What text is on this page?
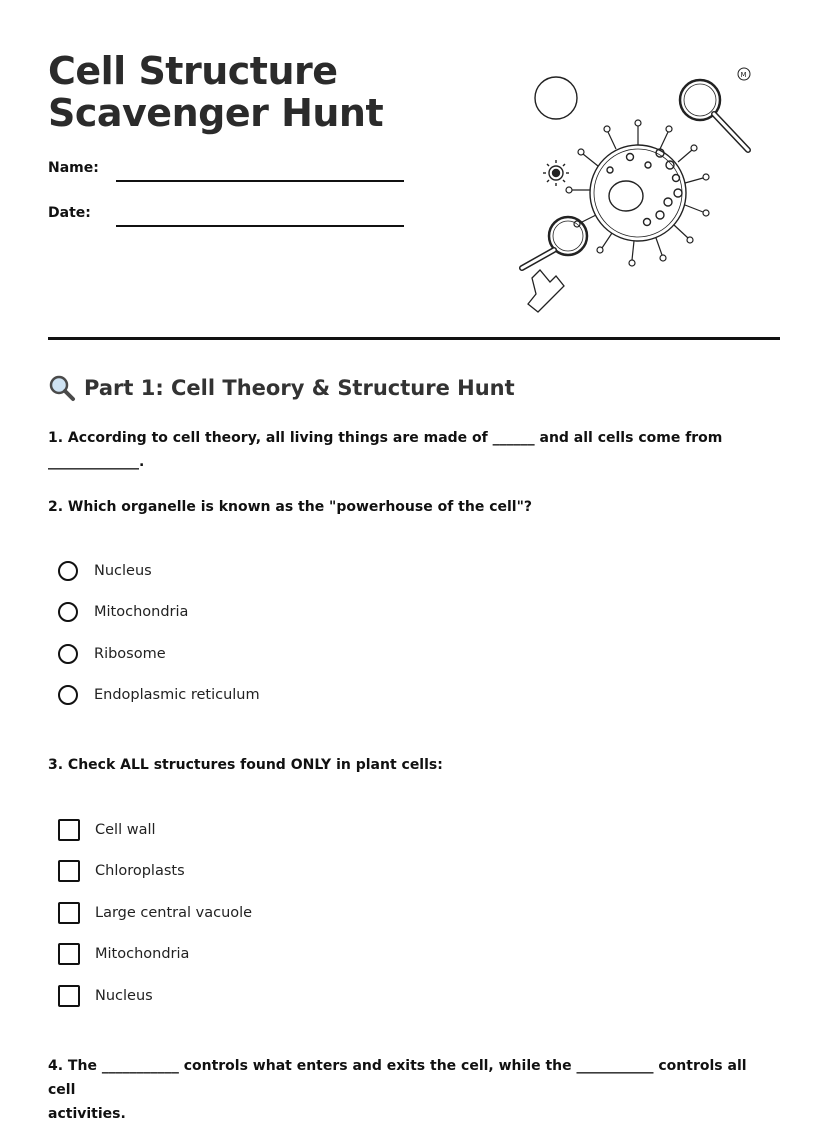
Cell Structure Scavenger Hunt
Name:
Date:
M
Part 1: Cell Theory & Structure Hunt
1. According to cell theory, all living things are made of ______ and all cells come from
_____________.
2. Which organelle is known as the "powerhouse of the cell"?
Nucleus
Mitochondria
Ribosome
Endoplasmic reticulum
3. Check ALL structures found ONLY in plant cells:
Cell wall
Chloroplasts
Large central vacuole
Mitochondria
Nucleus
4. The ___________ controls what enters and exits the cell, while the ___________ controls all cell
activities.
